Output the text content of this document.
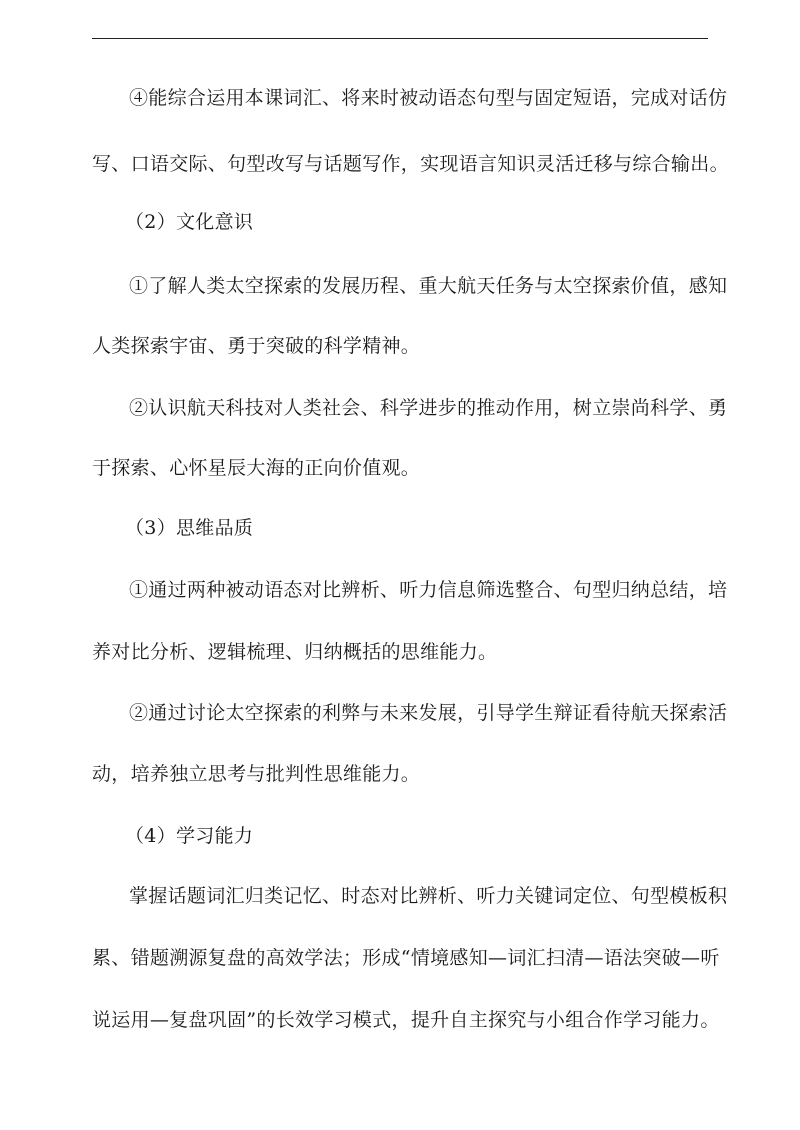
④能综合运用本课词汇、将来时被动语态句型与固定短语，完成对话仿
写、口语交际、句型改写与话题写作，实现语言知识灵活迁移与综合输出。
（2）文化意识
①了解人类太空探索的发展历程、重大航天任务与太空探索价值，感知
人类探索宇宙、勇于突破的科学精神。
②认识航天科技对人类社会、科学进步的推动作用，树立崇尚科学、勇
于探索、心怀星辰大海的正向价值观。
（3）思维品质
①通过两种被动语态对比辨析、听力信息筛选整合、句型归纳总结，培
养对比分析、逻辑梳理、归纳概括的思维能力。
②通过讨论太空探索的利弊与未来发展，引导学生辩证看待航天探索活
动，培养独立思考与批判性思维能力。
（4）学习能力
掌握话题词汇归类记忆、时态对比辨析、听力关键词定位、句型模板积
累、错题溯源复盘的高效学法；形成“情境感知—词汇扫清—语法突破—听
说运用—复盘巩固”的长效学习模式，提升自主探究与小组合作学习能力。
